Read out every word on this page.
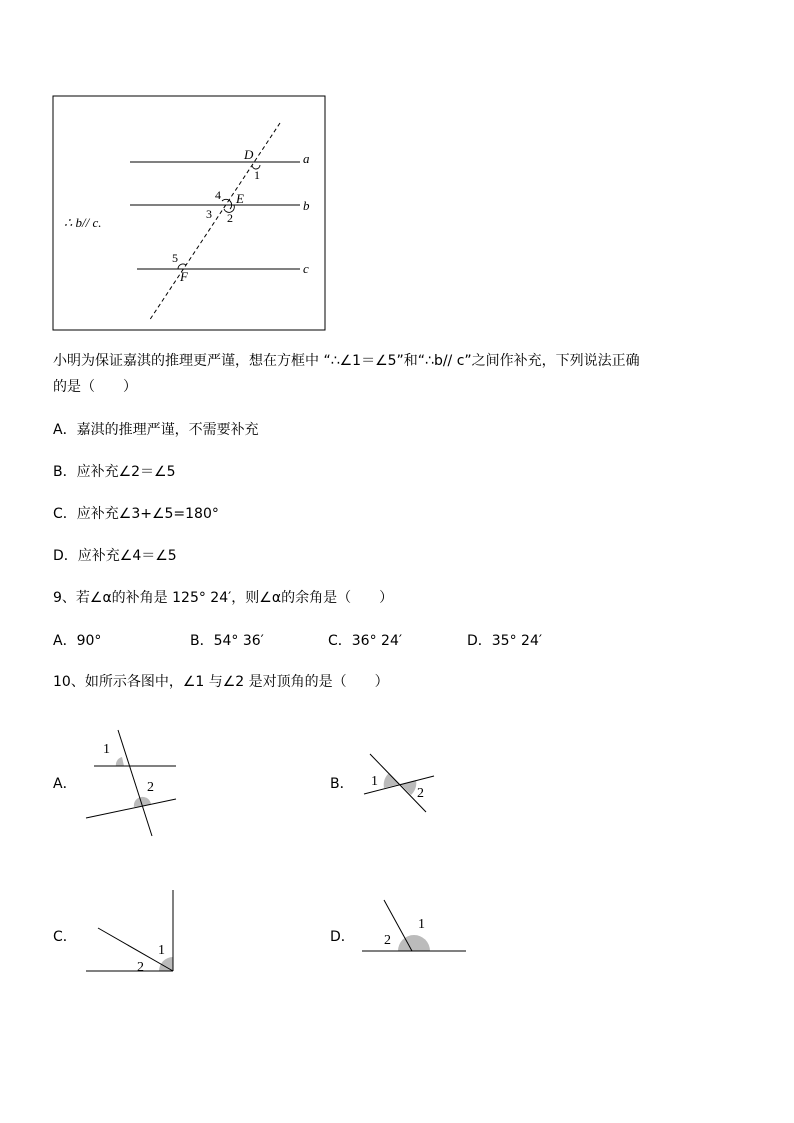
D
1
a
4 E	b
3 2
5
F
c
∴ b// c.
小明为保证嘉淇的推理更严谨，想在方框中 “∴∠1＝∠5”和“∴b// c”之间作补充，下列说法正确
的是（　　）
A．嘉淇的推理严谨，不需要补充
B．应补充∠2＝∠5
C．应补充∠3+∠5=180°
D．应补充∠4＝∠5
9、若∠α的补角是 125° 24′，则∠α的余角是（　　）
A．90°	B．54° 36′	C．36° 24′	D．35° 24′
10、如所示各图中，∠1 与∠2 是对顶角的是（　　）
A．	B．
C．	D．
1
2	1
2
1
2
1
2
